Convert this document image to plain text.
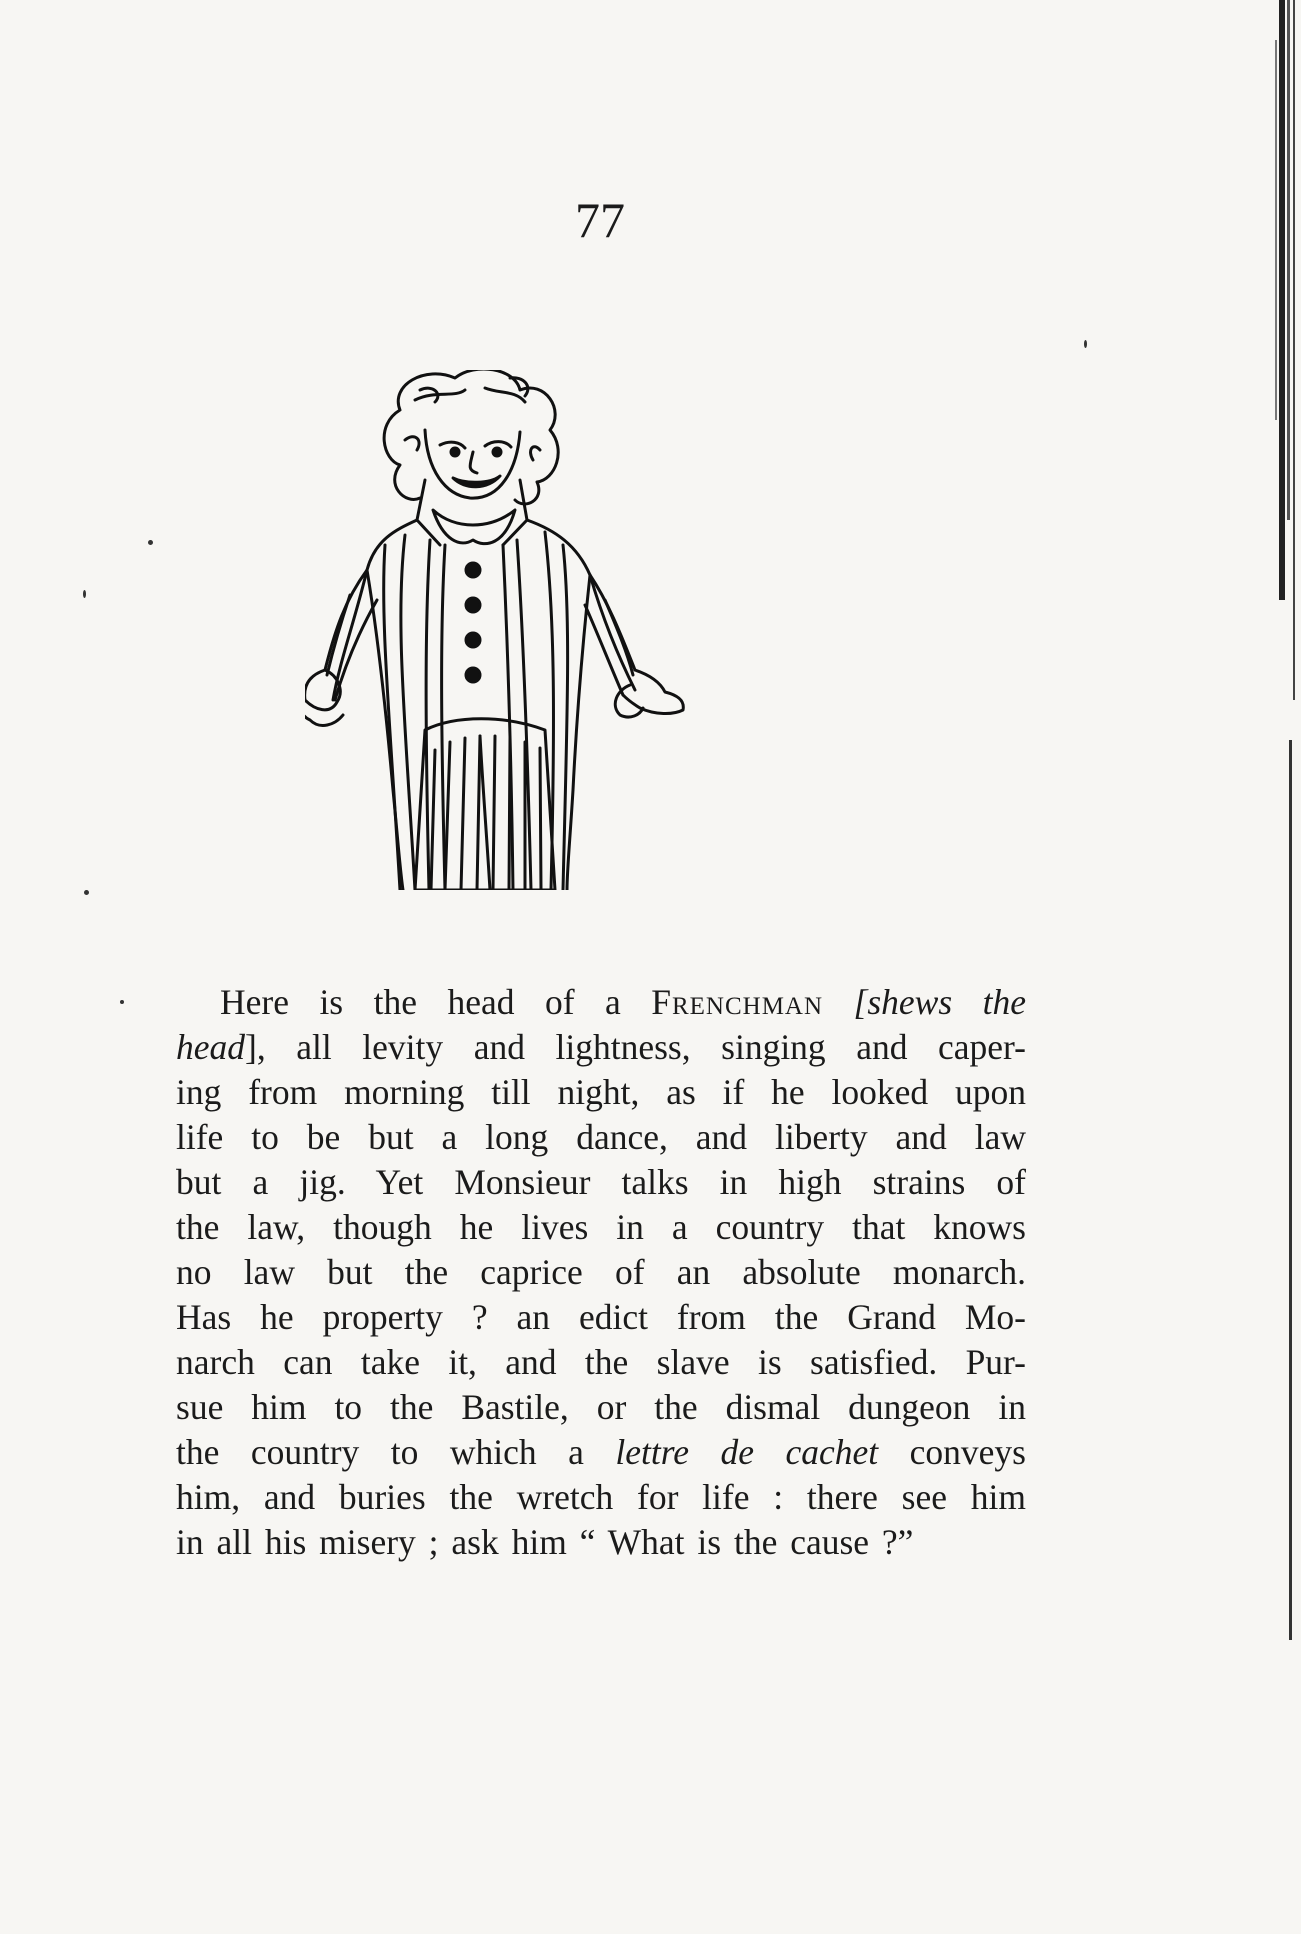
77
Here is the head of a Frenchman [shews the
head], all levity and lightness, singing and caper-
ing from morning till night, as if he looked upon
life to be but a long dance, and liberty and law
but a jig. Yet Monsieur talks in high strains of
the law, though he lives in a country that knows
no law but the caprice of an absolute monarch.
Has he property ? an edict from the Grand Mo-
narch can take it, and the slave is satisfied. Pur-
sue him to the Bastile, or the dismal dungeon in
the country to which a lettre de cachet conveys
him, and buries the wretch for life : there see him
in all his misery ; ask him “ What is the cause ?”
